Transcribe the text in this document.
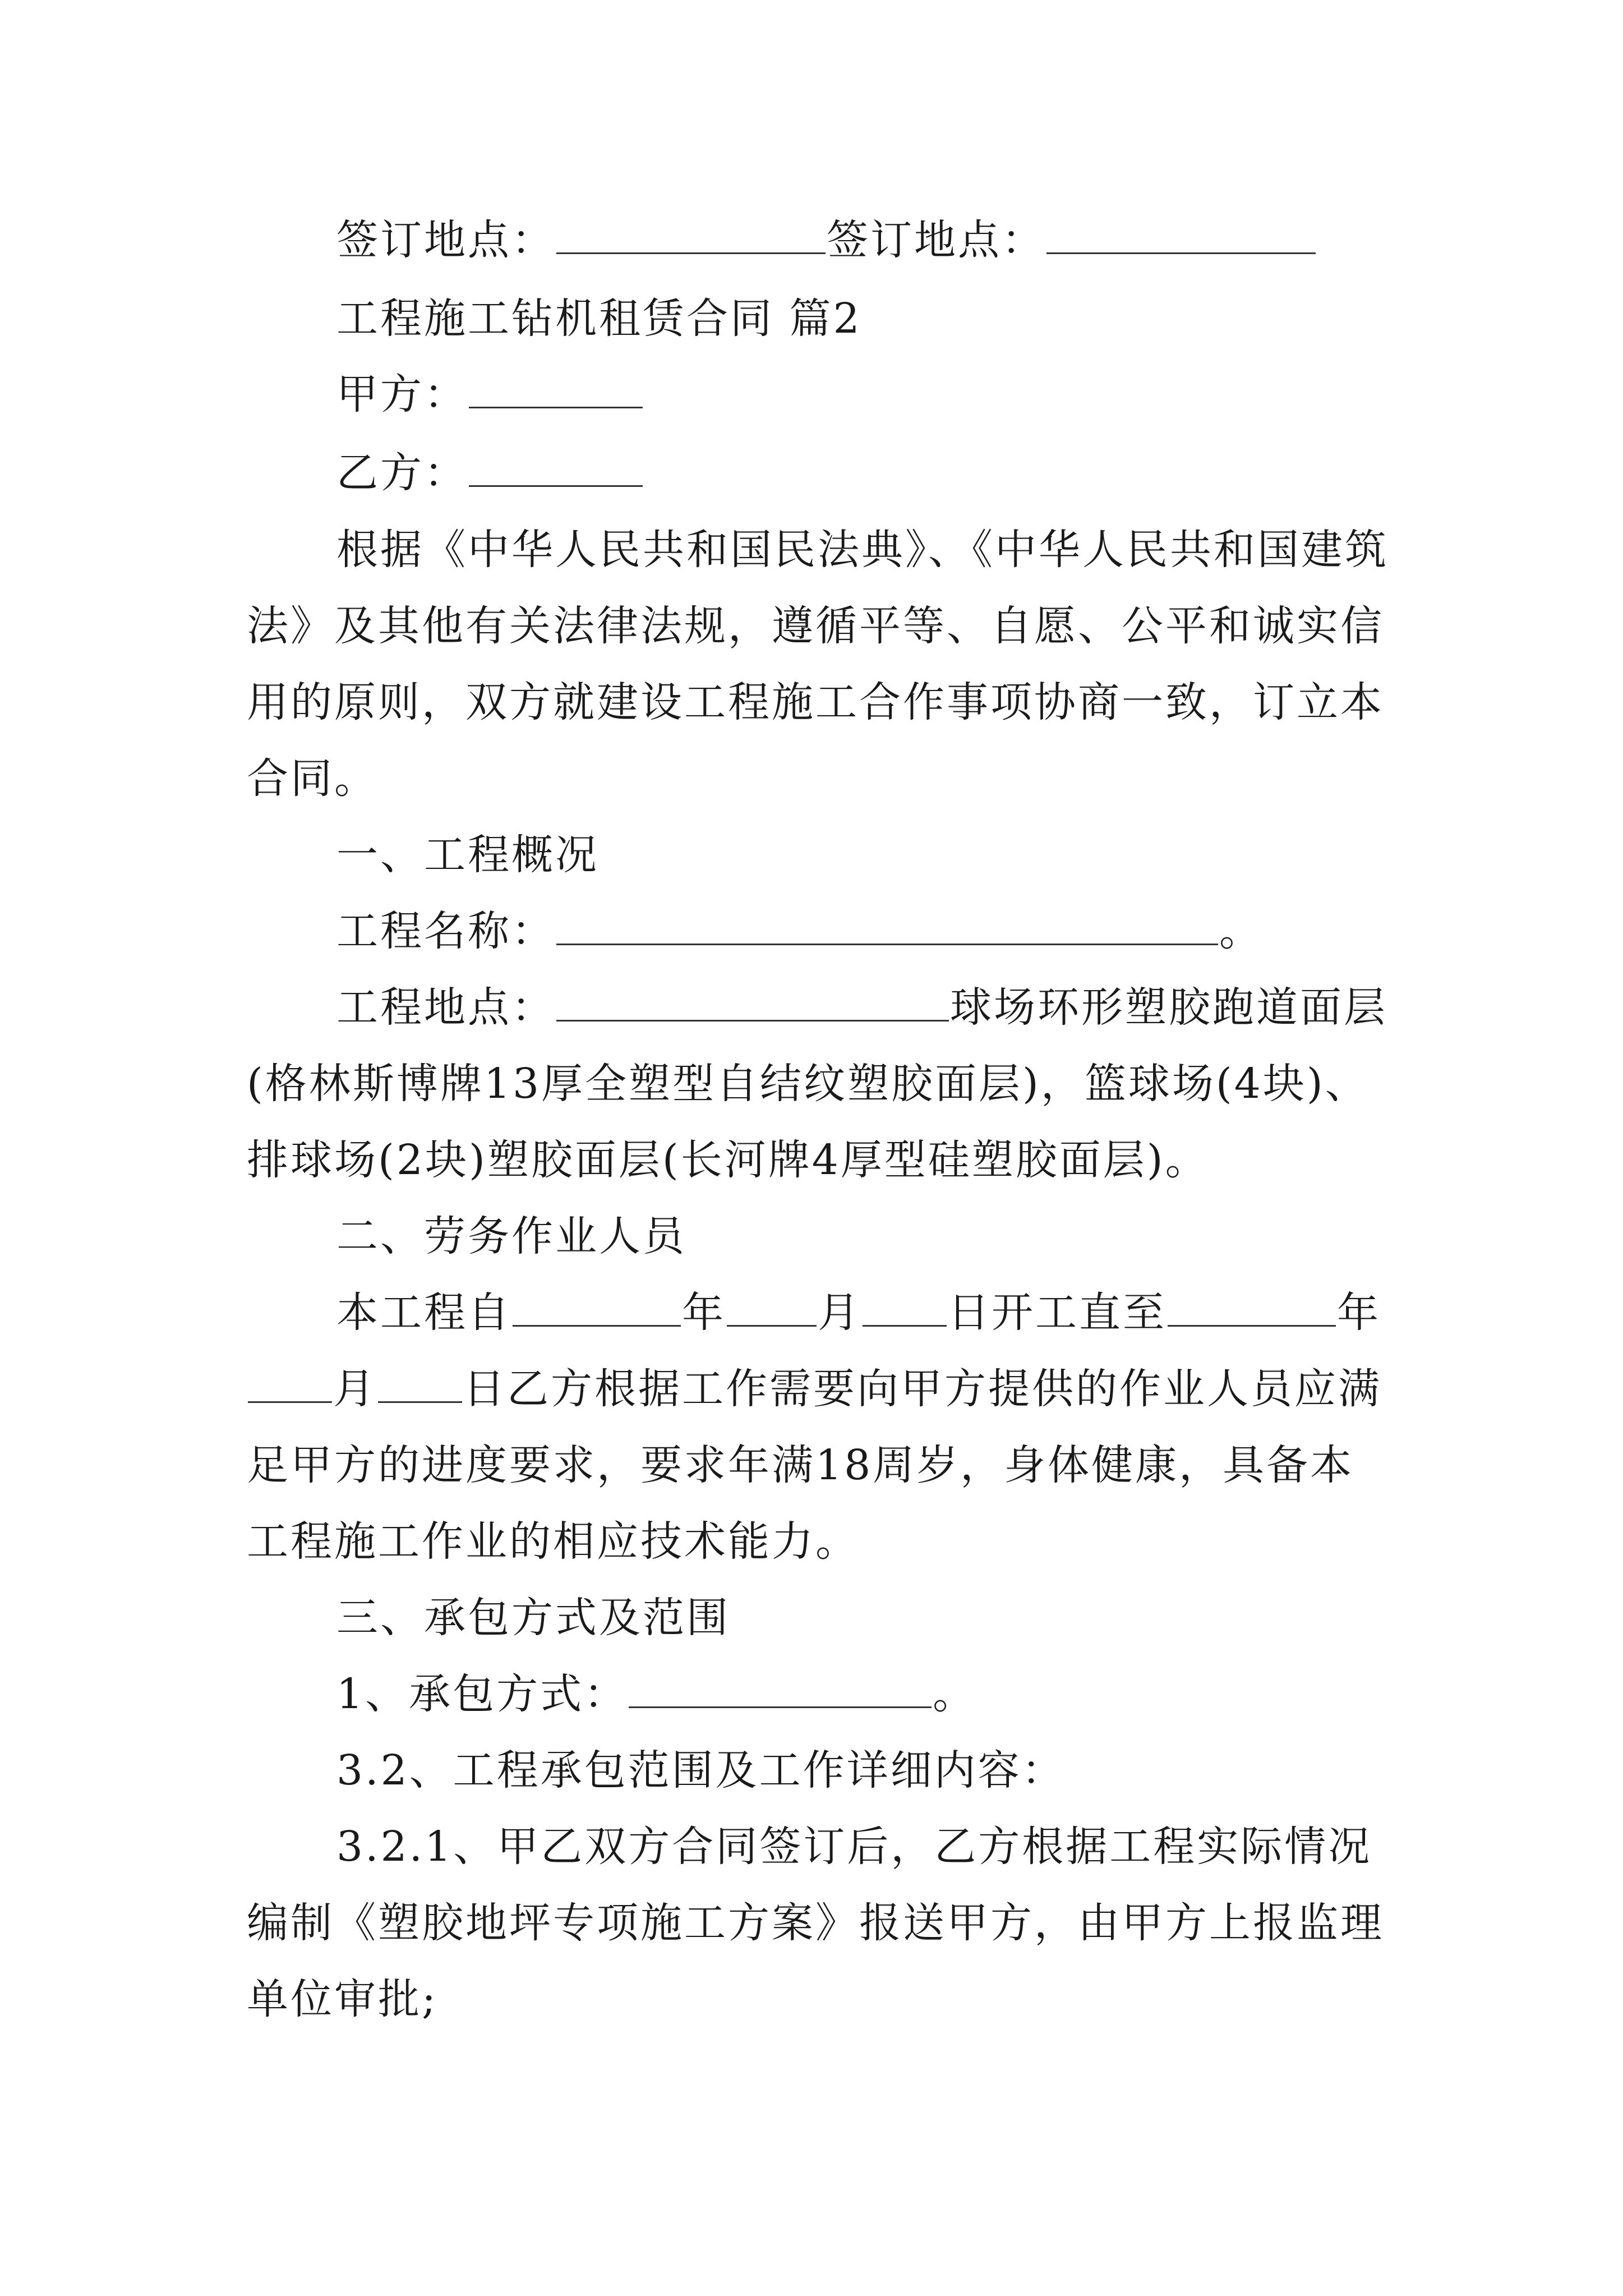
签订地点：	签订地点：
工程施工钻机租赁合同 篇2
甲方：
乙方：
根据《中华人民共和国民法典》、《中华人民共和国建筑
法》及其他有关法律法规，遵循平等、自愿、公平和诚实信
用的原则，双方就建设工程施工合作事项协商一致，订立本
合同。
一、工程概况
工程名称：	。
工程地点：	球场环形塑胶跑道面层
(格林斯博牌13厚全塑型自结纹塑胶面层)，篮球场(4块)、
排球场(2块)塑胶面层(长河牌4厚型硅塑胶面层)。
二、劳务作业人员
本工程自	年 月 日开工直至	年
月 日乙方根据工作需要向甲方提供的作业人员应满
足甲方的进度要求，要求年满18周岁，身体健康，具备本
工程施工作业的相应技术能力。
三、承包方式及范围
1、承包方式：	。
3.2、工程承包范围及工作详细内容：
3.2.1、甲乙双方合同签订后，乙方根据工程实际情况
编制《塑胶地坪专项施工方案》报送甲方，由甲方上报监理
单位审批;
